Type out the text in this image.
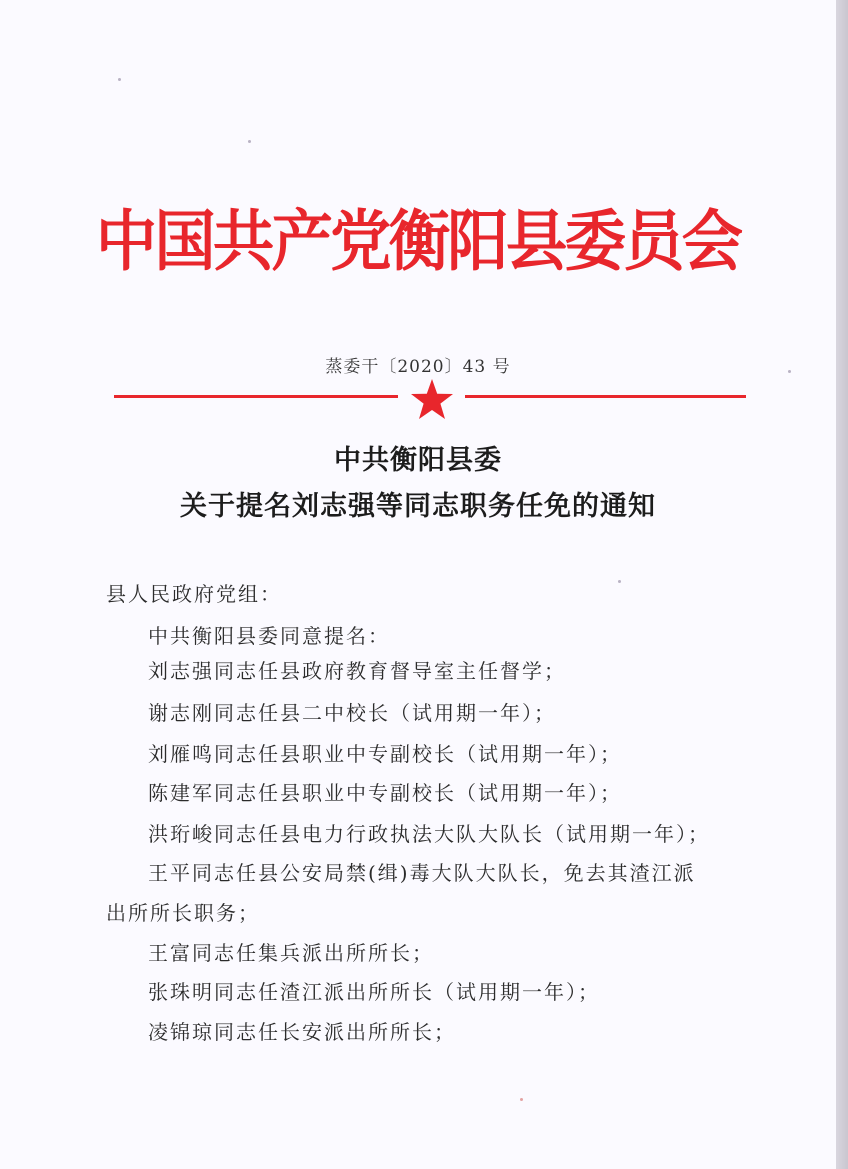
中国共产党衡阳县委员会
蒸委干〔2020〕43 号
中共衡阳县委
关于提名刘志强等同志职务任免的通知
县人民政府党组：
中共衡阳县委同意提名：
刘志强同志任县政府教育督导室主任督学；
谢志刚同志任县二中校长（试用期一年）；
刘雁鸣同志任县职业中专副校长（试用期一年）；
陈建军同志任县职业中专副校长（试用期一年）；
洪珩峻同志任县电力行政执法大队大队长（试用期一年）；
王平同志任县公安局禁(缉)毒大队大队长，免去其渣江派
出所所长职务；
王富同志任集兵派出所所长；
张珠明同志任渣江派出所所长（试用期一年）；
凌锦琼同志任长安派出所所长；
